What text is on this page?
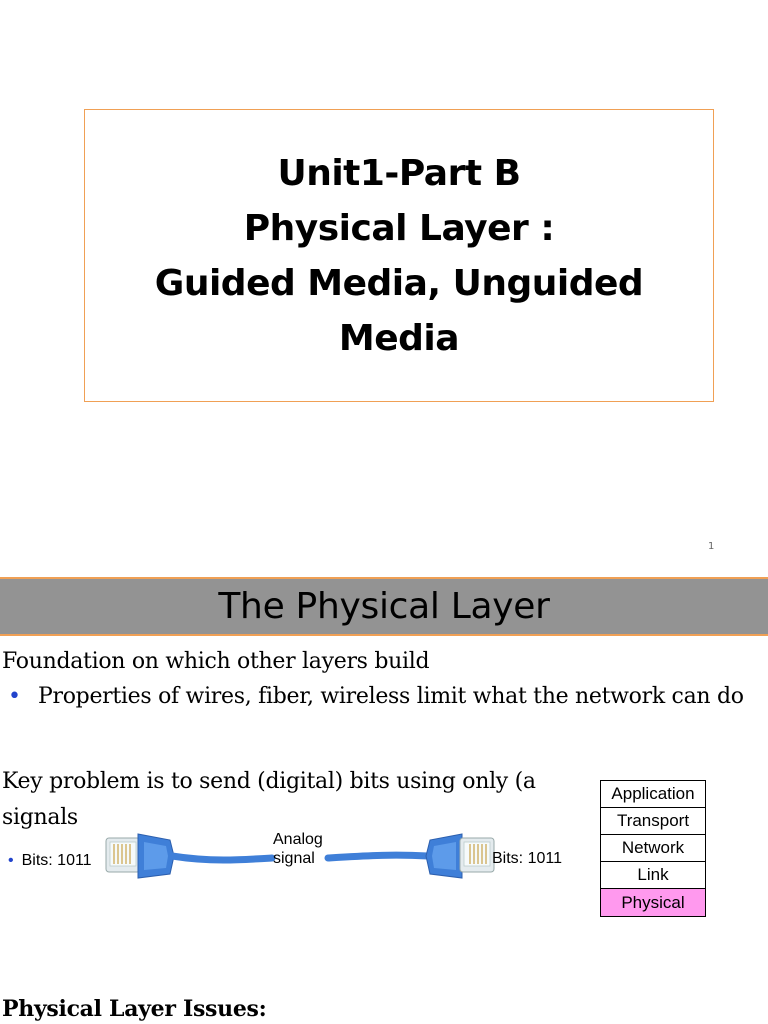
Unit1-Part B
Physical Layer :
Guided Media, Unguided
Media
1
The Physical Layer
Foundation on which other layers build
• Properties of wires, fiber, wireless limit what the network can do
Key problem is to send (digital) bits using only (a
signals
• Bits: 1011
Analog
signal	Bits: 1011
Application
Transport
Network
Link
Physical
Physical Layer Issues:
